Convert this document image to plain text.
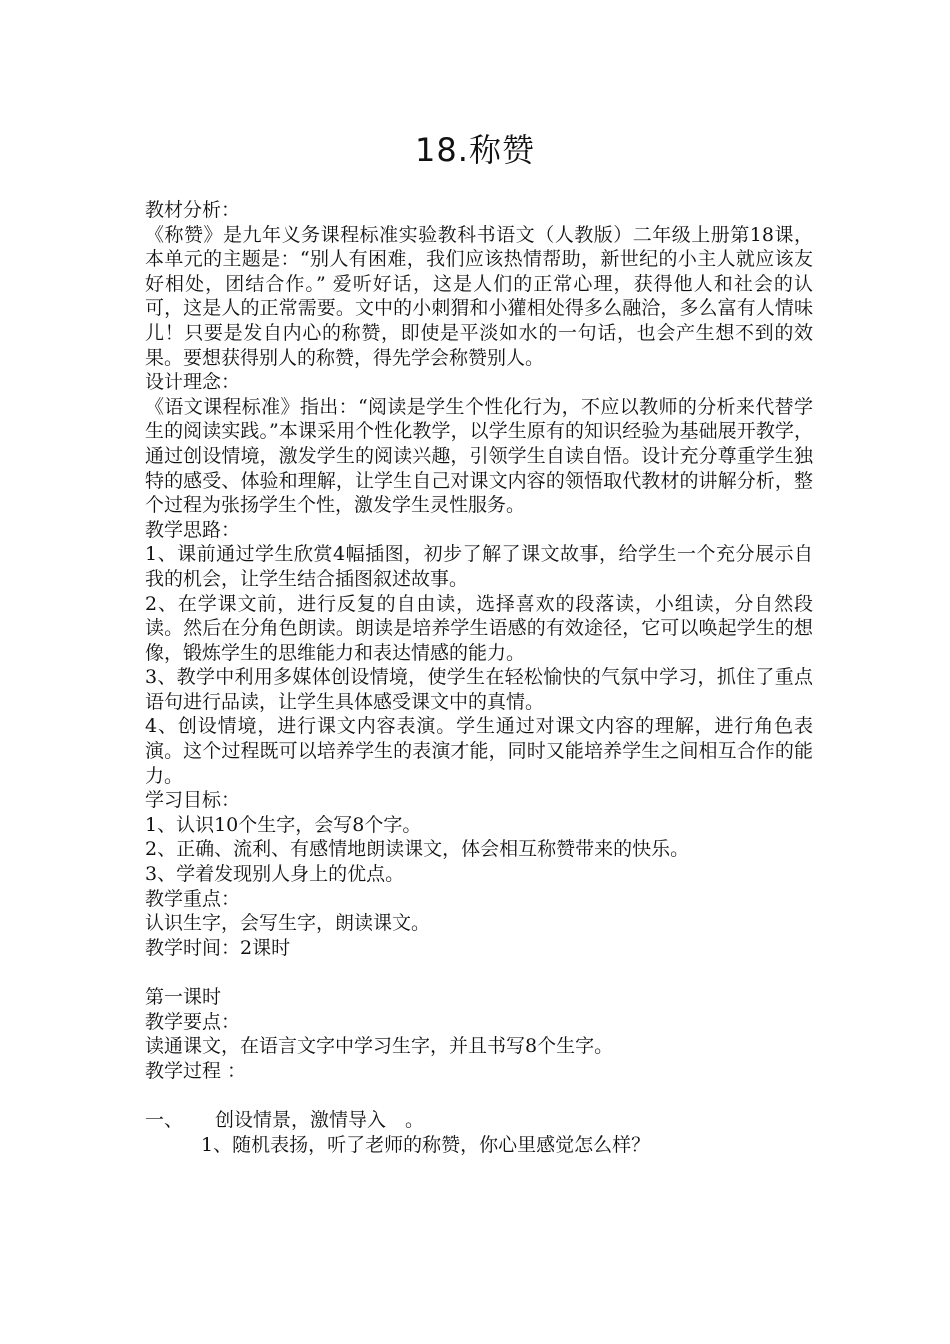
18.称赞

教材分析：

《称赞》是九年义务课程标准实验教科书语文（人教版）二年级上册第18课，本单元的主题是：“别人有困难，我们应该热情帮助，新世纪的小主人就应该友好相处，团结合作。” 爱听好话，这是人们的正常心理，获得他人和社会的认可，这是人的正常需要。文中的小刺猬和小獾相处得多么融洽，多么富有人情味儿！只要是发自内心的称赞，即使是平淡如水的一句话，也会产生想不到的效果。要想获得别人的称赞，得先学会称赞别人。

设计理念：

《语文课程标准》指出：“阅读是学生个性化行为，不应以教师的分析来代替学生的阅读实践。”本课采用个性化教学，以学生原有的知识经验为基础展开教学，通过创设情境，激发学生的阅读兴趣，引领学生自读自悟。设计充分尊重学生独特的感受、体验和理解，让学生自己对课文内容的领悟取代教材的讲解分析，整个过程为张扬学生个性，激发学生灵性服务。

教学思路：

1、课前通过学生欣赏4幅插图，初步了解了课文故事，给学生一个充分展示自我的机会，让学生结合插图叙述故事。

2、在学课文前，进行反复的自由读，选择喜欢的段落读，小组读，分自然段读。然后在分角色朗读。朗读是培养学生语感的有效途径，它可以唤起学生的想像，锻炼学生的思维能力和表达情感的能力。

3、教学中利用多媒体创设情境，使学生在轻松愉快的气氛中学习，抓住了重点语句进行品读，让学生具体感受课文中的真情。

4、创设情境，进行课文内容表演。学生通过对课文内容的理解，进行角色表演。这个过程既可以培养学生的表演才能，同时又能培养学生之间相互合作的能力。

学习目标：

1、认识10个生字，会写8个字。

2、正确、流利、有感情地朗读课文，体会相互称赞带来的快乐。

3、学着发现别人身上的优点。

教学重点：

认识生字，会写生字，朗读课文。

教学时间：2课时

第一课时

教学要点：

读通课文，在语言文字中学习生字，并且书写8个生字。

教学过程 ：

一、	创设情景，激情导入　。

1、随机表扬，听了老师的称赞，你心里感觉怎么样？
